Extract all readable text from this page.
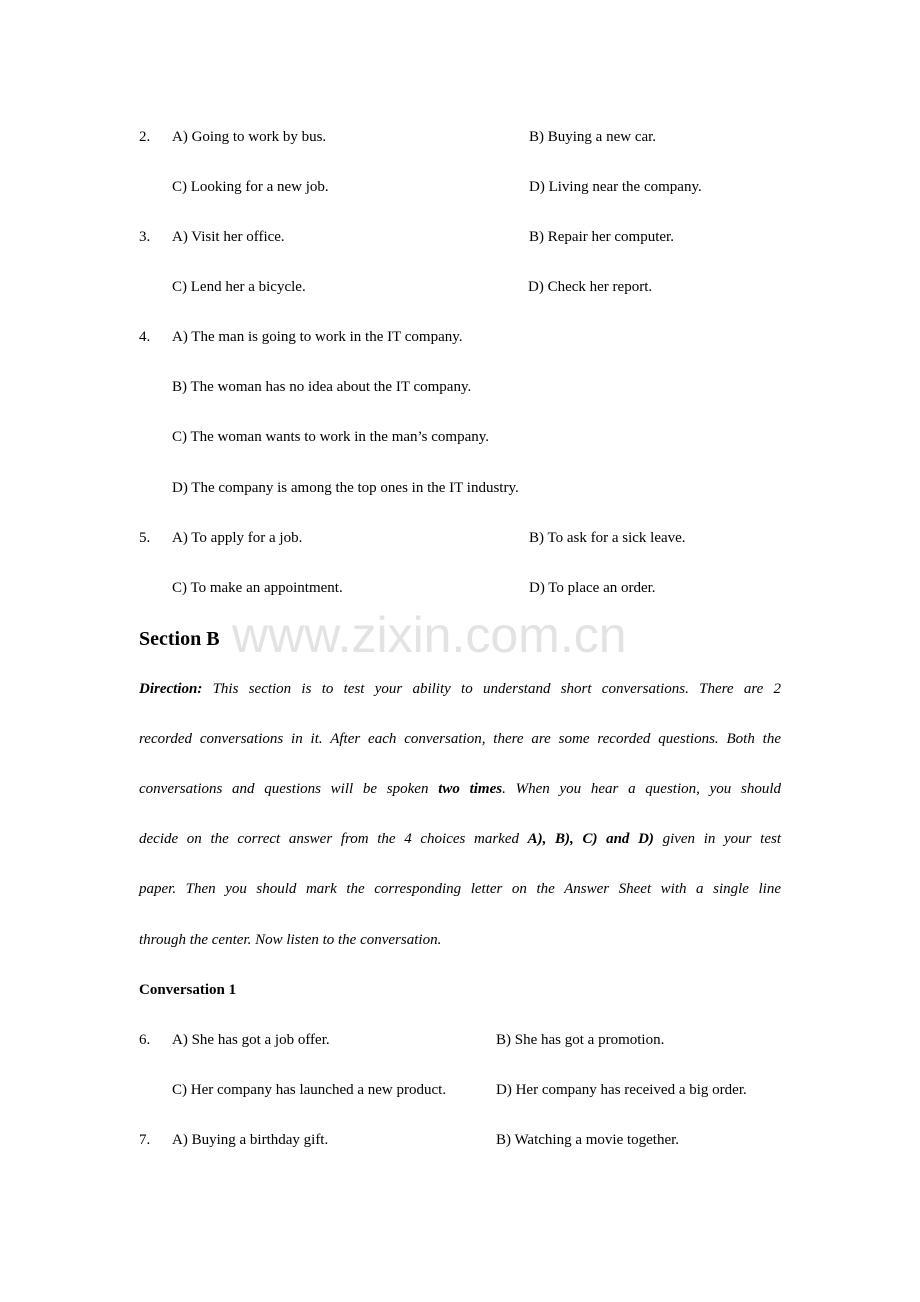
2. A) Going to work by bus.	B) Buying a new car.
C) Looking for a new job.	D) Living near the company.
3. A) Visit her office.	B) Repair her computer.
C) Lend her a bicycle.	D) Check her report.
4. A) The man is going to work in the IT company.
B) The woman has no idea about the IT company.
C) The woman wants to work in the man’s company.
D) The company is among the top ones in the IT industry.
5. A) To apply for a job.	B) To ask for a sick leave.
C) To make an appointment.	D) To place an order.
www.zixin.com.cn
Section B
Direction: This section is to test your ability to understand short conversations. There are 2
recorded conversations in it. After each conversation, there are some recorded questions. Both the
conversations and questions will be spoken two times. When you hear a question, you should
decide on the correct answer from the 4 choices marked A), B), C) and D) given in your test
paper. Then you should mark the corresponding letter on the Answer Sheet with a single line
through the center. Now listen to the conversation.
Conversation 1
6. A) She has got a job offer.	B) She has got a promotion.
C) Her company has launched a new product.	D) Her company has received a big order.
7. A) Buying a birthday gift.	B) Watching a movie together.
